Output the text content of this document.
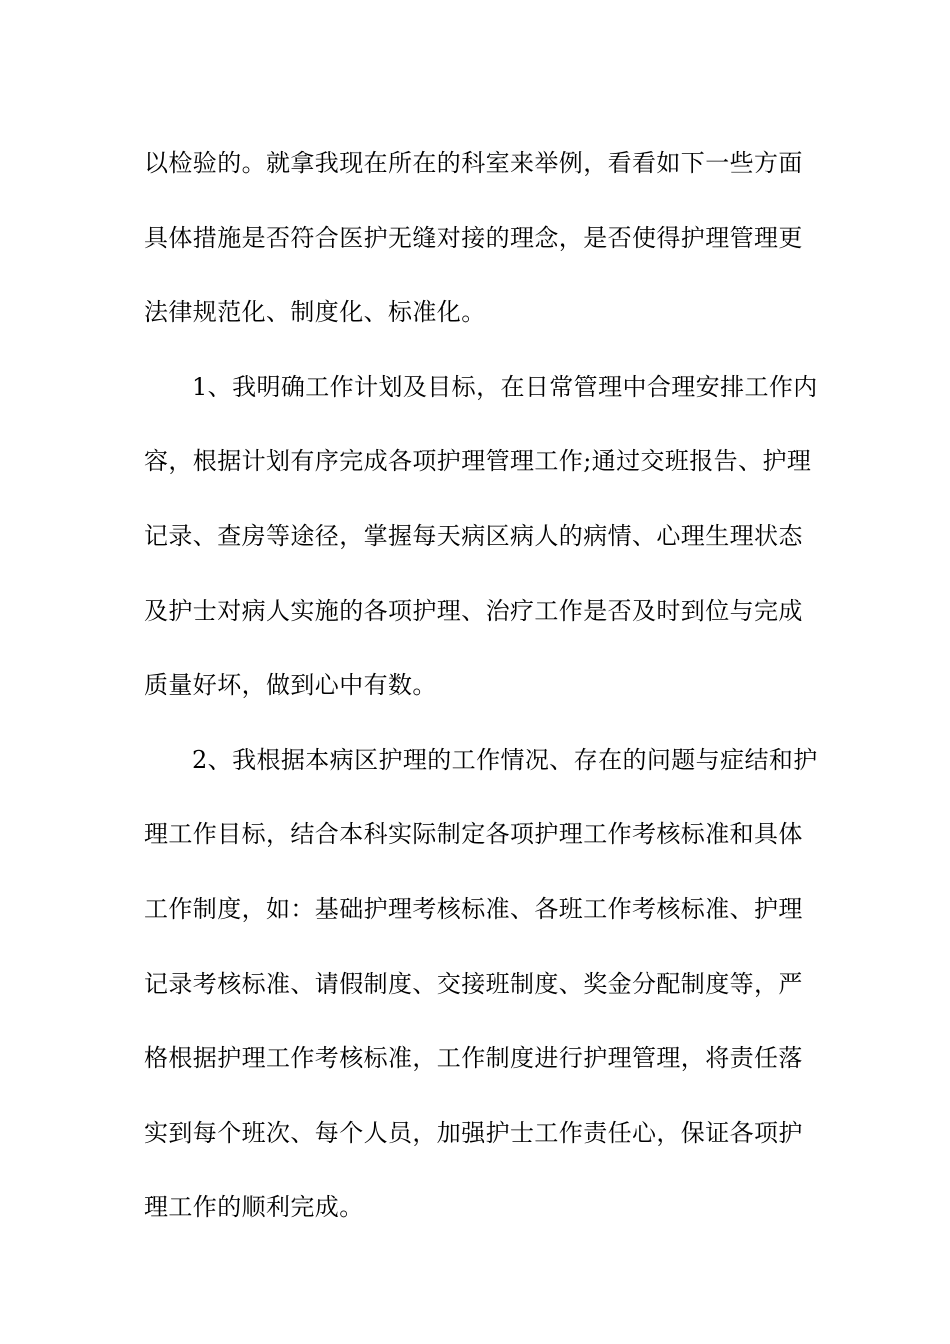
以检验的。就拿我现在所在的科室来举例，看看如下一些方面
具体措施是否符合医护无缝对接的理念，是否使得护理管理更
法律规范化、制度化、标准化。
1、我明确工作计划及目标，在日常管理中合理安排工作内
容，根据计划有序完成各项护理管理工作;通过交班报告、护理
记录、查房等途径，掌握每天病区病人的病情、心理生理状态
及护士对病人实施的各项护理、治疗工作是否及时到位与完成
质量好坏，做到心中有数。
2、我根据本病区护理的工作情况、存在的问题与症结和护
理工作目标，结合本科实际制定各项护理工作考核标准和具体
工作制度，如：基础护理考核标准、各班工作考核标准、护理
记录考核标准、请假制度、交接班制度、奖金分配制度等，严
格根据护理工作考核标准，工作制度进行护理管理，将责任落
实到每个班次、每个人员，加强护士工作责任心，保证各项护
理工作的顺利完成。
